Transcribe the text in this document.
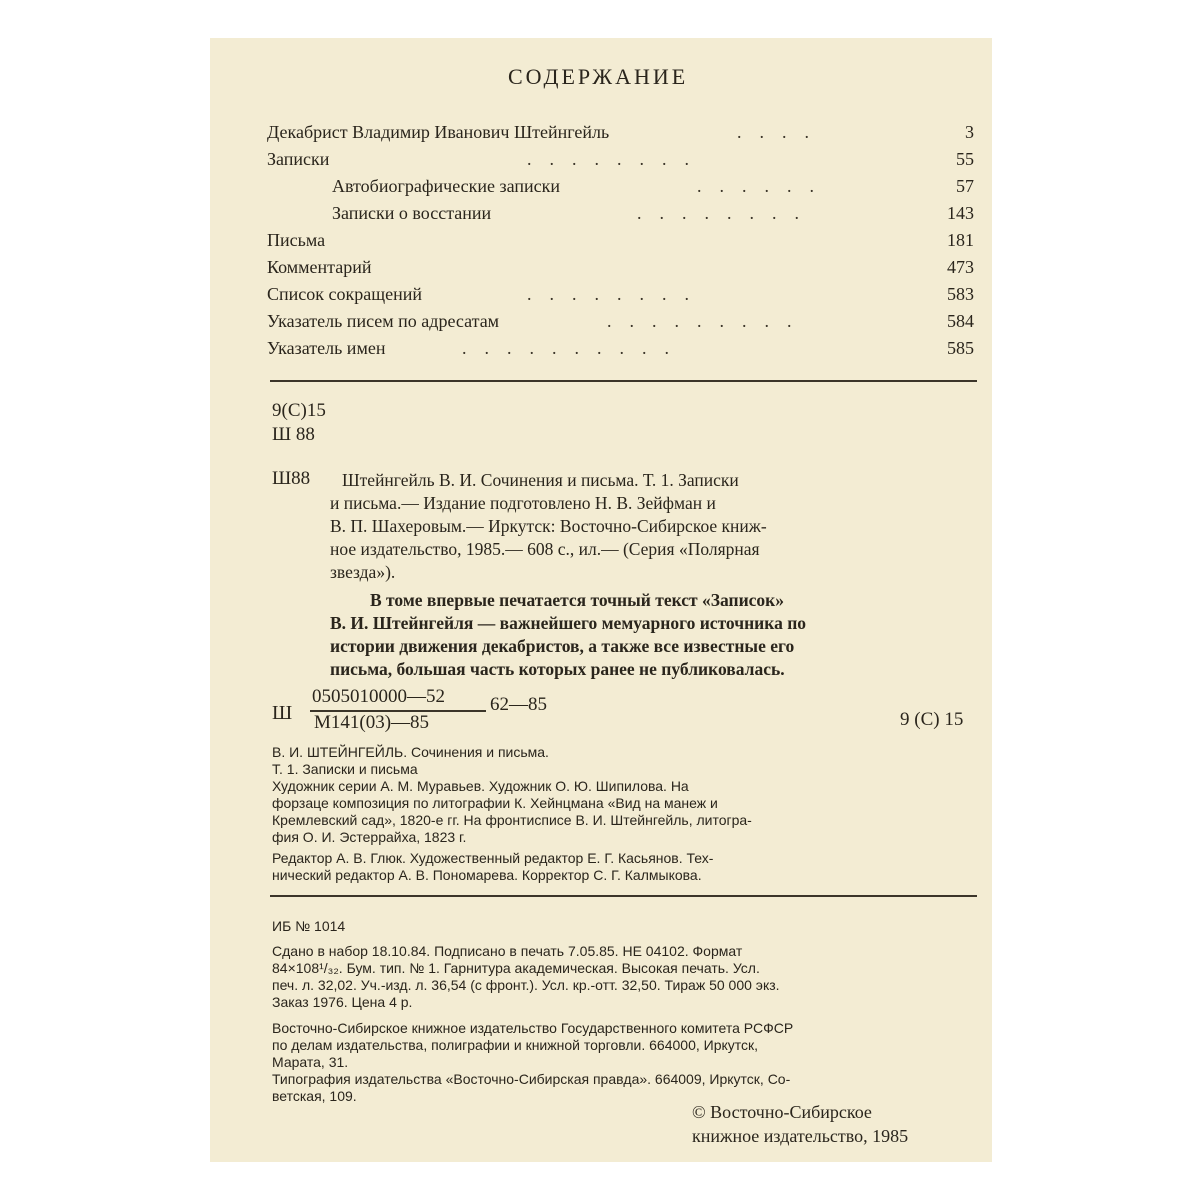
СОДЕРЖАНИЕ
Декабрист Владимир Иванович Штейнгейль	....	3
Записки	........	55
Автобиографические записки	......	57
Записки о восстании	........	143
Письма	181
Комментарий	473
Список сокращений	........	583
Указатель писем по адресатам	.........	584
Указатель имен	..........	585
9(С)15
Ш 88
Ш88 Штейнгейль В. И. Сочинения и письма. Т. 1. Записки
и письма.— Издание подготовлено Н. В. Зейфман и
В. П. Шахеровым.— Иркутск: Восточно-Сибирское книж-
ное издательство, 1985.— 608 с., ил.— (Серия «Полярная
звезда»).
В томе впервые печатается точный текст «Записок»
В. И. Штейнгейля — важнейшего мемуарного источника по
истории движения декабристов, а также все известные его
письма, большая часть которых ранее не публиковалась.
Ш
0505010000—52
М141(03)—85
62—85
9 (С) 15
В. И. ШТЕЙНГЕЙЛЬ. Сочинения и письма.
Т. 1. Записки и письма
Художник серии А. М. Муравьев. Художник О. Ю. Шипилова. На
форзаце композиция по литографии К. Хейнцмана «Вид на манеж и
Кремлевский сад», 1820-е гг. На фронтисписе В. И. Штейнгейль, литогра-
фия О. И. Эстеррайха, 1823 г.
Редактор А. В. Глюк. Художественный редактор Е. Г. Касьянов. Тех-
нический редактор А. В. Пономарева. Корректор С. Г. Калмыкова.
ИБ № 1014
Сдано в набор 18.10.84. Подписано в печать 7.05.85. НЕ 04102. Формат
84×108¹/₃₂. Бум. тип. № 1. Гарнитура академическая. Высокая печать. Усл.
печ. л. 32,02. Уч.-изд. л. 36,54 (с фронт.). Усл. кр.-отт. 32,50. Тираж 50 000 экз.
Заказ 1976. Цена 4 р.
Восточно-Сибирское книжное издательство Государственного комитета РСФСР
по делам издательства, полиграфии и книжной торговли. 664000, Иркутск,
Марата, 31.
Типография издательства «Восточно-Сибирская правда». 664009, Иркутск, Со-
ветская, 109.
© Восточно-Сибирское
книжное издательство, 1985
